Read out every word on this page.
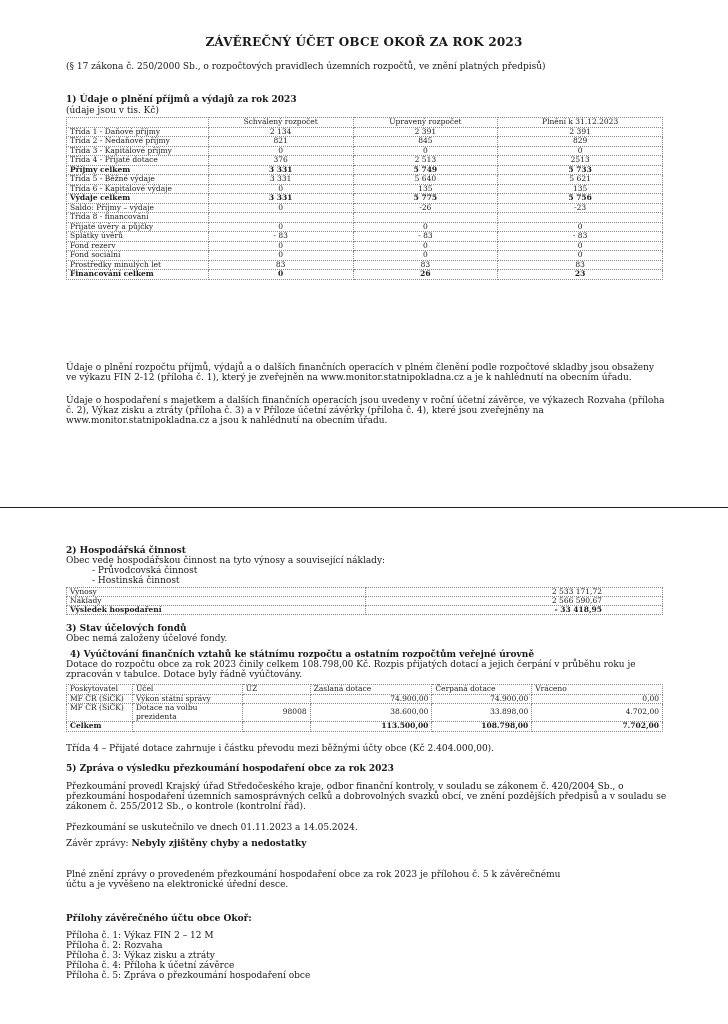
ZÁVĚREČNÝ ÚČET OBCE OKOŘ ZA ROK 2023
(§ 17 zákona č. 250/2000 Sb., o rozpočtových pravidlech územních rozpočtů, ve znění platných předpisů)
1) Údaje o plnění příjmů a výdajů za rok 2023
(údaje jsou v tis. Kč)
	Schválený rozpočet	Upravený rozpočet	Plnění k 31.12.2023
Třída 1 - Daňové příjmy	2 134	2 391	2 391
Třída 2 - Nedaňové příjmy	821	845	829
Třída 3 - Kapitálové příjmy	0	0	0
Třída 4 - Přijaté dotace	376	2 513	2513
Příjmy celkem	3 331	5 749	5 733
Třída 5 - Běžné výdaje	3 331	5 640	5 621
Třída 6 - Kapitálové výdaje	0	135	135
Výdaje celkem	3 331	5 775	5 756
Saldo: Příjmy – výdaje	0	-26	-23
Třída 8 - financování			
Přijaté úvěry a půjčky	0	0	0
Splátky úvěrů	- 83	- 83	- 83
Fond rezerv	0	0	0
Fond sociální	0	0	0
Prostředky minulých let	83	83	83
Financování celkem	0	26	23
Údaje o plnění rozpočtu příjmů, výdajů a o dalších finančních operacích v plném členění podle rozpočtové skladby jsou obsaženy ve výkazu FIN 2-12 (příloha č. 1), který je zveřejněn na www.monitor.statnipokladna.cz a je k nahlédnutí na obecním úřadu.
Údaje o hospodaření s majetkem a dalších finančních operacích jsou uvedeny v roční účetní závěrce, ve výkazech Rozvaha (příloha č. 2), Výkaz zisku a ztráty (příloha č. 3) a v Příloze účetní závěrky (příloha č. 4), které jsou zveřejněny na www.monitor.statnipokladna.cz a jsou k nahlédnutí na obecním úřadu.
2) Hospodářská činnost
Obec vede hospodářskou činnost na tyto výnosy a související náklady:
- Průvodcovská činnost
- Hostinská činnost
Výnosy	2 533 171,72
Náklady	2 566 590,67
Výsledek hospodaření	- 33 418,95
3) Stav účelových fondů
Obec nemá založeny účelové fondy.
4) Vyúčtování finančních vztahů ke státnímu rozpočtu a ostatním rozpočtům veřejné úrovně
Dotace do rozpočtu obce za rok 2023 činily celkem 108.798,00 Kč. Rozpis přijatých dotací a jejich čerpání v průběhu roku je zpracován v tabulce. Dotace byly řádně vyúčtovány.
Poskytovatel	Účel	ÚZ	Zaslaná dotace	Čerpaná dotace	Vráceno
MF ČR (SiČK)	Výkon státní správy		74.900,00	74.900,00	0,00
MF ČR (SiČK)	Dotace na volbu prezidenta	98008	38.600,00	33.898,00	4.702,00
Celkem			113.500,00	108.798,00	7.702,00
Třída 4 – Přijaté dotace zahrnuje i částku převodu mezi běžnými účty obce (Kč 2.404.000,00).
5) Zpráva o výsledku přezkoumání hospodaření obce za rok 2023
Přezkoumání provedl Krajský úřad Středočeského kraje, odbor finanční kontroly, v souladu se zákonem č. 420/2004 Sb., o přezkoumání hospodaření územních samosprávných celků a dobrovolných svazků obcí, ve znění pozdějších předpisů a v souladu se zákonem č. 255/2012 Sb., o kontrole (kontrolní řád).
Přezkoumání se uskutečnilo ve dnech 01.11.2023 a 14.05.2024.
Závěr zprávy: Nebyly zjištěny chyby a nedostatky
Plné znění zprávy o provedeném přezkoumání hospodaření obce za rok 2023 je přílohou č. 5 k závěrečnému účtu a je vyvěšeno na elektronické úřední desce.
Přílohy závěrečného účtu obce Okoř:
Příloha č. 1: Výkaz FIN 2 – 12 M
Příloha č. 2: Rozvaha
Příloha č. 3: Výkaz zisku a ztráty
Příloha č. 4: Příloha k účetní závěrce
Příloha č. 5: Zpráva o přezkoumání hospodaření obce
